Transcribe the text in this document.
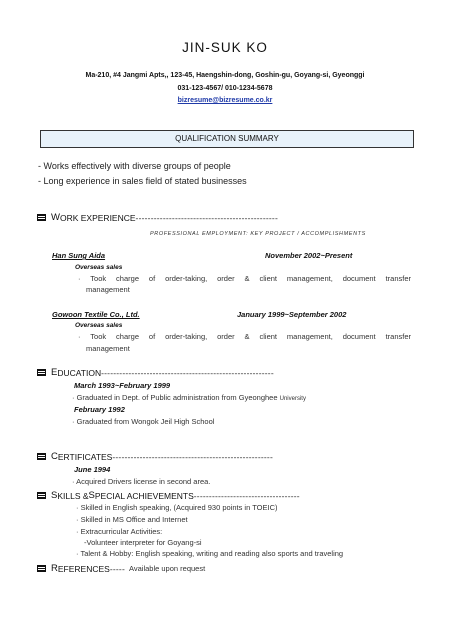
JIN-SUK KO
Ma-210, #4 Jangmi Apts,, 123-45, Haengshin-dong, Goshin-gu, Goyang-si, Gyeonggi
031-123-4567/ 010-1234-5678
bizresume@bizresume.co.kr
QUALIFICATION SUMMARY
- Works effectively with diverse groups of people
- Long experience in sales field of stated businesses
W ORK EXPERIENCE -----------------------------------------------
PROFESSIONAL EMPLOYMENT: KEY PROJECT / ACCOMPLISHMENTS
Han Sung Aida	November 2002~Present
Overseas sales
· Took charge of order-taking, order & client management, document transfer
management
Gowoon Textile Co., Ltd.	January 1999~September 2002
Overseas sales
· Took charge of order-taking, order & client management, document transfer
management
E DUCATION ---------------------------------------------------------
March 1993~February 1999
· Graduated in Dept. of Public administration from Gyeonghee University
February 1992
· Graduated from Wongok Jeil High School
C ERTIFICATES -----------------------------------------------------
June 1994
· Acquired Drivers license in second area.
S KILLS & S PECIAL ACHIEVEMENTS -----------------------------------
· Skilled in English speaking, (Acquired 930 points in TOEIC)
· Skilled in MS Office and Internet
· Extracurricular Activities:
-Volunteer interpreter for Goyang-si
· Talent & Hobby: English speaking, writing and reading also sports and traveling
R EFERENCES ----- Available upon request
